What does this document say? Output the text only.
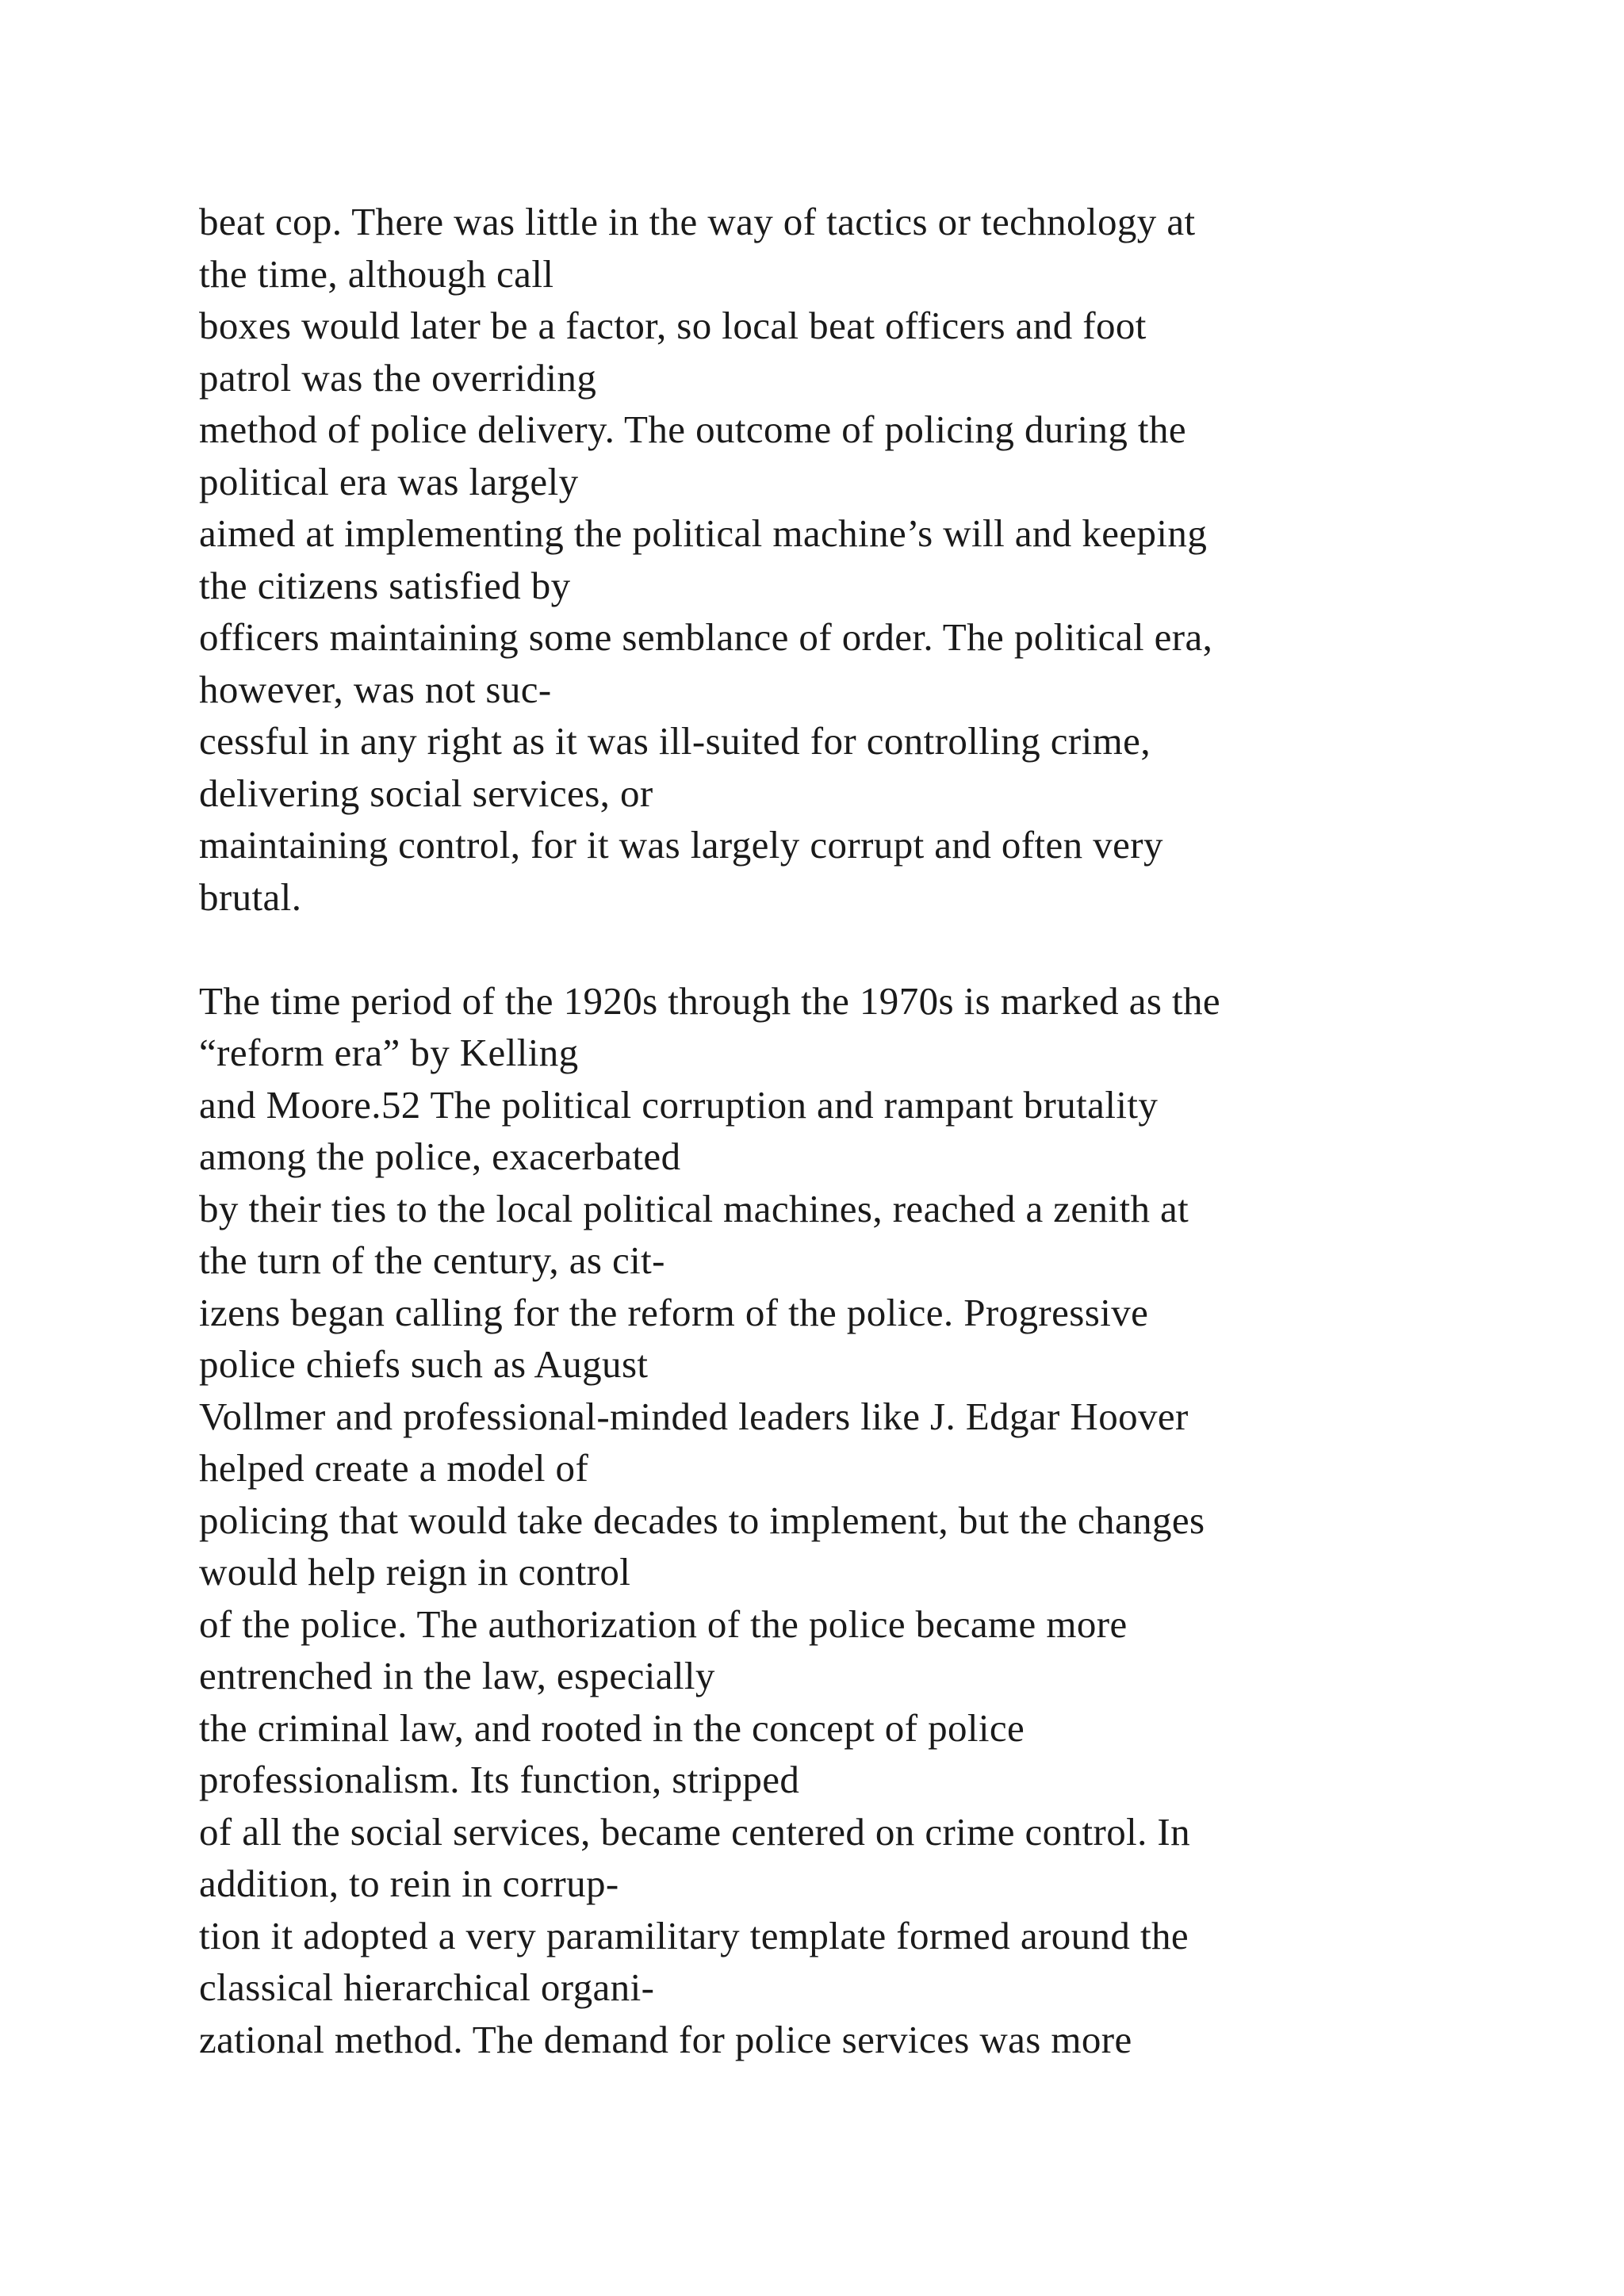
beat cop. There was little in the way of tactics or technology at
the time, although call
boxes would later be a factor, so local beat officers and foot
patrol was the overriding
method of police delivery. The outcome of policing during the
political era was largely
aimed at implementing the political machine’s will and keeping
the citizens satisfied by
officers maintaining some semblance of order. The political era,
however, was not suc-
cessful in any right as it was ill-suited for controlling crime,
delivering social services, or
maintaining control, for it was largely corrupt and often very
brutal.

The time period of the 1920s through the 1970s is marked as the
“reform era” by Kelling
and Moore.52 The political corruption and rampant brutality
among the police, exacerbated
by their ties to the local political machines, reached a zenith at
the turn of the century, as cit-
izens began calling for the reform of the police. Progressive
police chiefs such as August
Vollmer and professional-minded leaders like J. Edgar Hoover
helped create a model of
policing that would take decades to implement, but the changes
would help reign in control
of the police. The authorization of the police became more
entrenched in the law, especially
the criminal law, and rooted in the concept of police
professionalism. Its function, stripped
of all the social services, became centered on crime control. In
addition, to rein in corrup-
tion it adopted a very paramilitary template formed around the
classical hierarchical organi-
zational method. The demand for police services was more
